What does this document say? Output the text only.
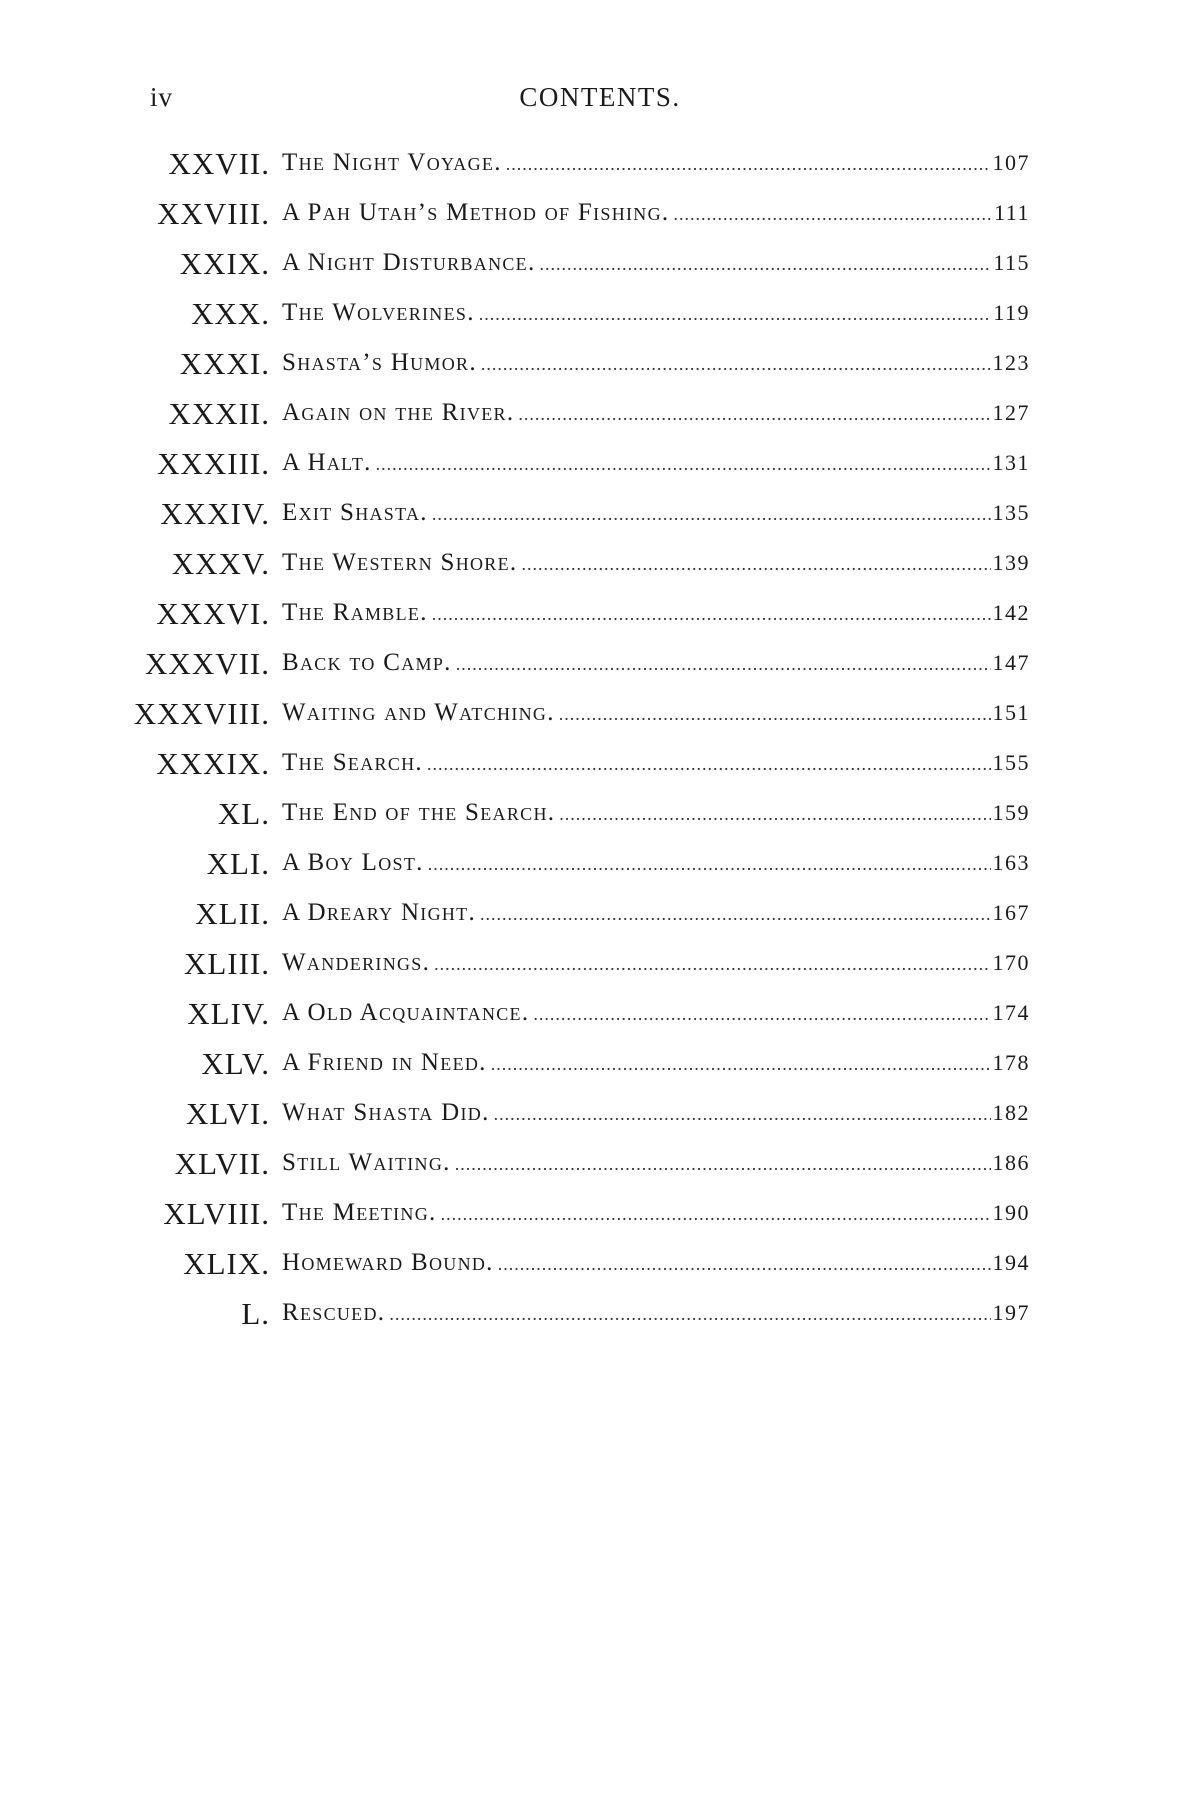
iv	CONTENTS.
XXVII. The Night Voyage. .....	107
XXVIII. A Pah Utah’s Method of Fishing. .....	111
XXIX. A Night Disturbance. .....	115
XXX. The Wolverines. .....	119
XXXI. Shasta’s Humor. .....	123
XXXII. Again on the River. .....	127
XXXIII. A Halt. .....	131
XXXIV. Exit Shasta. .....	135
XXXV. The Western Shore. .....	139
XXXVI. The Ramble. .....	142
XXXVII. Back to Camp. .....	147
XXXVIII. Waiting and Watching. .....	151
XXXIX. The Search. .....	155
XL. The End of the Search. .....	159
XLI. A Boy Lost. .....	163
XLII. A Dreary Night. .....	167
XLIII. Wanderings. .....	170
XLIV. A Old Acquaintance. .....	174
XLV. A Friend in Need. .....	178
XLVI. What Shasta Did. .....	182
XLVII. Still Waiting. .....	186
XLVIII. The Meeting. .....	190
XLIX. Homeward Bound. .....	194
L. Rescued. .....	197
